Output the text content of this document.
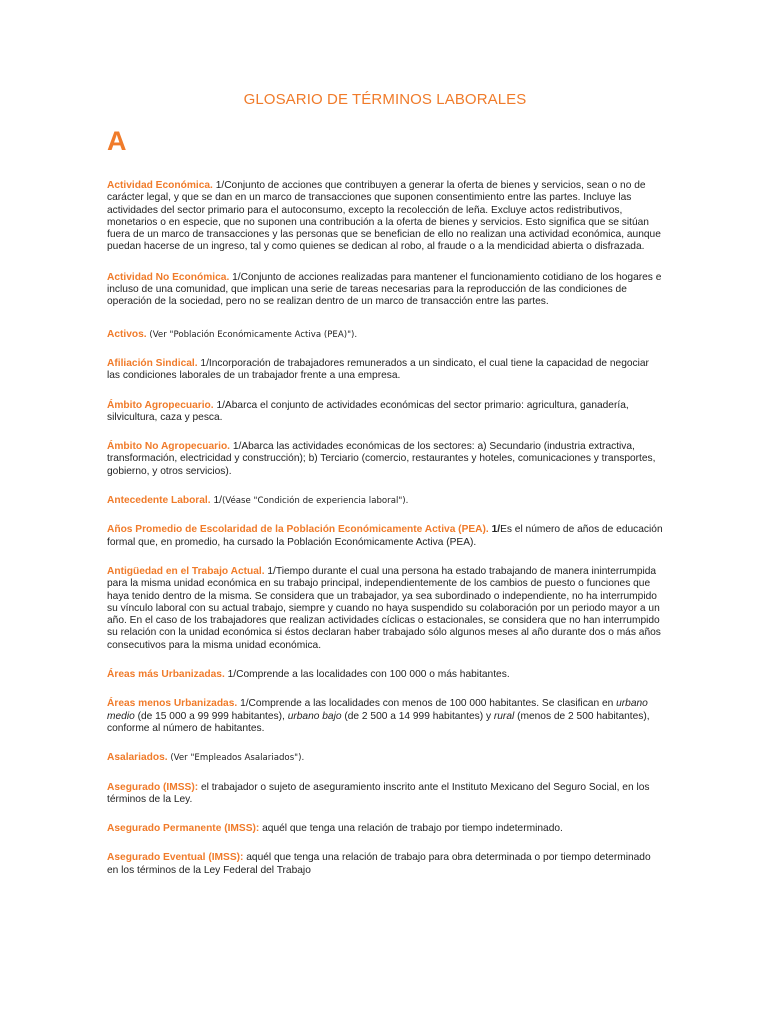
GLOSARIO DE TÉRMINOS LABORALES
A

Actividad Económica. 1/Conjunto de acciones que contribuyen a generar la oferta de bienes y servicios, sean o no de carácter legal, y que se dan en un marco de transacciones que suponen consentimiento entre las partes. Incluye las actividades del sector primario para el autoconsumo, excepto la recolección de leña. Excluye actos redistributivos, monetarios o en especie, que no suponen una contribución a la oferta de bienes y servicios. Esto significa que se sitúan fuera de un marco de transacciones y las personas que se benefician de ello no realizan una actividad económica, aunque puedan hacerse de un ingreso, tal y como quienes se dedican al robo, al fraude o a la mendicidad abierta o disfrazada.

Actividad No Económica. 1/Conjunto de acciones realizadas para mantener el funcionamiento cotidiano de los hogares e incluso de una comunidad, que implican una serie de tareas necesarias para la reproducción de las condiciones de operación de la sociedad, pero no se realizan dentro de un marco de transacción entre las partes.

Activos. (Ver "Población Económicamente Activa (PEA)").

Afiliación Sindical. 1/Incorporación de trabajadores remunerados a un sindicato, el cual tiene la capacidad de negociar las condiciones laborales de un trabajador frente a una empresa.

Ámbito Agropecuario. 1/Abarca el conjunto de actividades económicas del sector primario: agricultura, ganadería, silvicultura, caza y pesca.

Ámbito No Agropecuario. 1/Abarca las actividades económicas de los sectores: a) Secundario (industria extractiva, transformación, electricidad y construcción); b) Terciario (comercio, restaurantes y hoteles, comunicaciones y transportes, gobierno, y otros servicios).

Antecedente Laboral. 1/(Véase "Condición de experiencia laboral").

Años Promedio de Escolaridad de la Población Económicamente Activa (PEA). 1/Es el número de años de educación formal que, en promedio, ha cursado la Población Económicamente Activa (PEA).

Antigüedad en el Trabajo Actual. 1/Tiempo durante el cual una persona ha estado trabajando de manera ininterrumpida para la misma unidad económica en su trabajo principal, independientemente de los cambios de puesto o funciones que haya tenido dentro de la misma. Se considera que un trabajador, ya sea subordinado o independiente, no ha interrumpido su vínculo laboral con su actual trabajo, siempre y cuando no haya suspendido su colaboración por un periodo mayor a un año. En el caso de los trabajadores que realizan actividades cíclicas o estacionales, se considera que no han interrumpido su relación con la unidad económica si éstos declaran haber trabajado sólo algunos meses al año durante dos o más años consecutivos para la misma unidad económica.

Áreas más Urbanizadas. 1/Comprende a las localidades con 100 000 o más habitantes.

Áreas menos Urbanizadas. 1/Comprende a las localidades con menos de 100 000 habitantes. Se clasifican en urbano medio (de 15 000 a 99 999 habitantes), urbano bajo (de 2 500 a 14 999 habitantes) y rural (menos de 2 500 habitantes), conforme al número de habitantes.

Asalariados. (Ver "Empleados Asalariados").

Asegurado (IMSS): el trabajador o sujeto de aseguramiento inscrito ante el Instituto Mexicano del Seguro Social, en los términos de la Ley.

Asegurado Permanente (IMSS): aquél que tenga una relación de trabajo por tiempo indeterminado.

Asegurado Eventual (IMSS): aquél que tenga una relación de trabajo para obra determinada o por tiempo determinado en los términos de la Ley Federal del Trabajo
